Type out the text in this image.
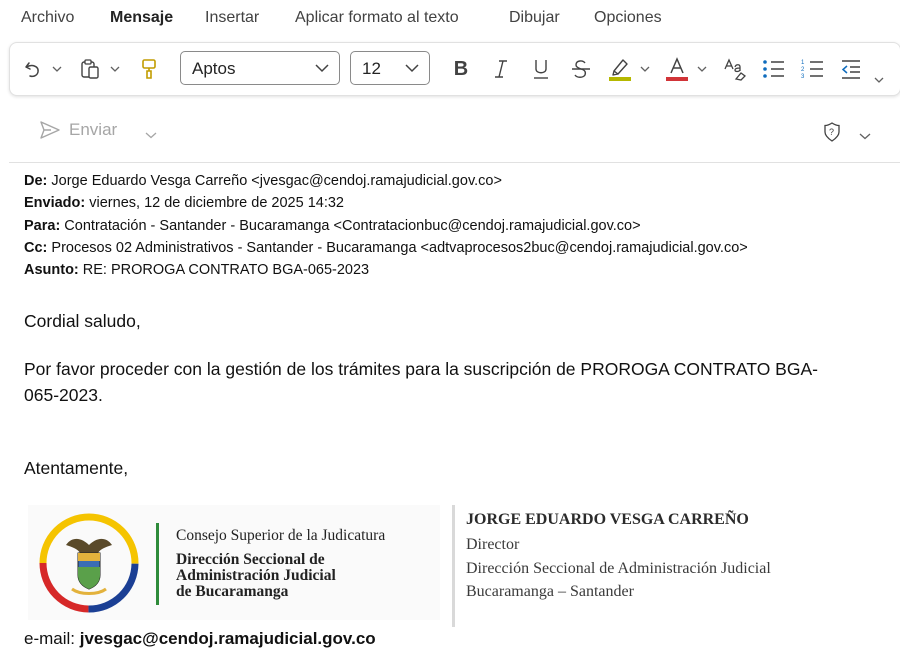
Archivo Mensaje Insertar Aplicar formato al texto	Dibujar Opciones
Aptos	12	B	1
2
3
Enviar	?
De: Jorge Eduardo Vesga Carreño <jvesgac@cendoj.ramajudicial.gov.co>
Enviado: viernes, 12 de diciembre de 2025 14:32
Para: Contratación - Santander - Bucaramanga <Contratacionbuc@cendoj.ramajudicial.gov.co>
Cc: Procesos 02 Administrativos - Santander - Bucaramanga <adtvaprocesos2buc@cendoj.ramajudicial.gov.co>
Asunto: RE: PROROGA CONTRATO BGA-065-2023
Cordial saludo,
Por favor proceder con la gestión de los trámites para la suscripción de PROROGA CONTRATO BGA-
065-2023.
Atentamente,
Consejo Superior de la Judicatura
Dirección Seccional de
Administración Judicial
de Bucaramanga
JORGE EDUARDO VESGA CARREÑO
Director
Dirección Seccional de Administración Judicial
Bucaramanga – Santander
e-mail: jvesgac@cendoj.ramajudicial.gov.co
